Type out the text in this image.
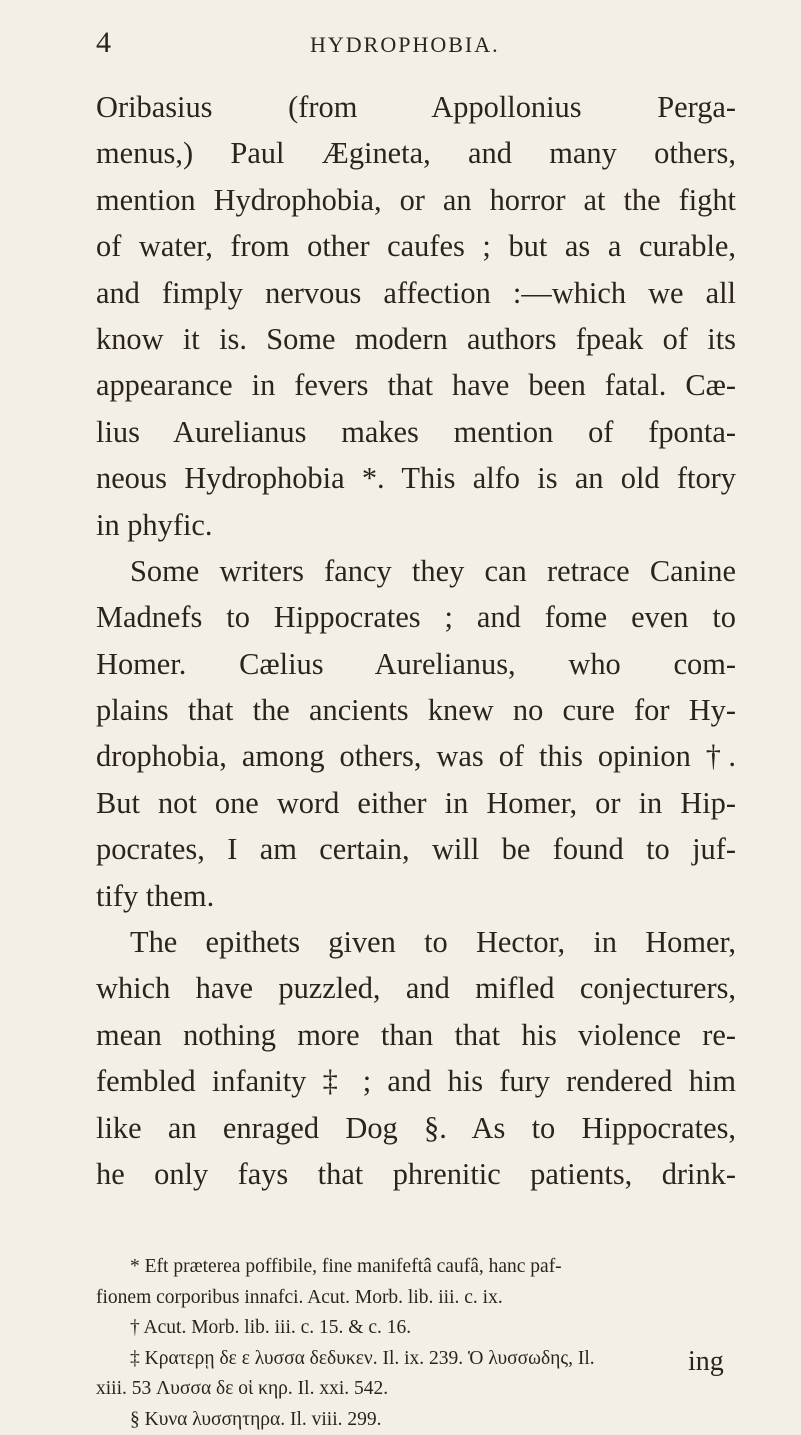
4	HYDROPHOBIA.
Oribasius (from Appollonius Perga-
menus,) Paul Ægineta, and many others,
mention Hydrophobia, or an horror at the fight
of water, from other caufes ; but as a curable,
and fimply nervous affection :—which we all
know it is. Some modern authors fpeak of its
appearance in fevers that have been fatal. Cæ-
lius Aurelianus makes mention of fponta-
neous Hydrophobia *. This alfo is an old ftory
in phyfic.
Some writers fancy they can retrace Canine
Madnefs to Hippocrates ; and fome even to
Homer. Cælius Aurelianus, who com-
plains that the ancients knew no cure for Hy-
drophobia, among others, was of this opinion †.
But not one word either in Homer, or in Hip-
pocrates, I am certain, will be found to juf-
tify them.
The epithets given to Hector, in Homer,
which have puzzled, and mifled conjecturers,
mean nothing more than that his violence re-
fembled infanity ‡ ; and his fury rendered him
like an enraged Dog §. As to Hippocrates,
he only fays that phrenitic patients, drink-
* Eft prӕterea poffibile, fine manifeftâ caufâ, hanc paf-
fionem corporibus innafci. Acut. Morb. lib. iii. c. ix.
† Acut. Morb. lib. iii. c. 15. & c. 16.
‡ Κρατερῃ δε ε λυσσα δεδυκεν. Il. ix. 239. Ὁ λυσσωδης, Il.
xiii. 53 Λυσσα δε οἱ κηρ. Il. xxi. 542.
§ Κυνα λυσσητηρα. Il. viii. 299.
ing
